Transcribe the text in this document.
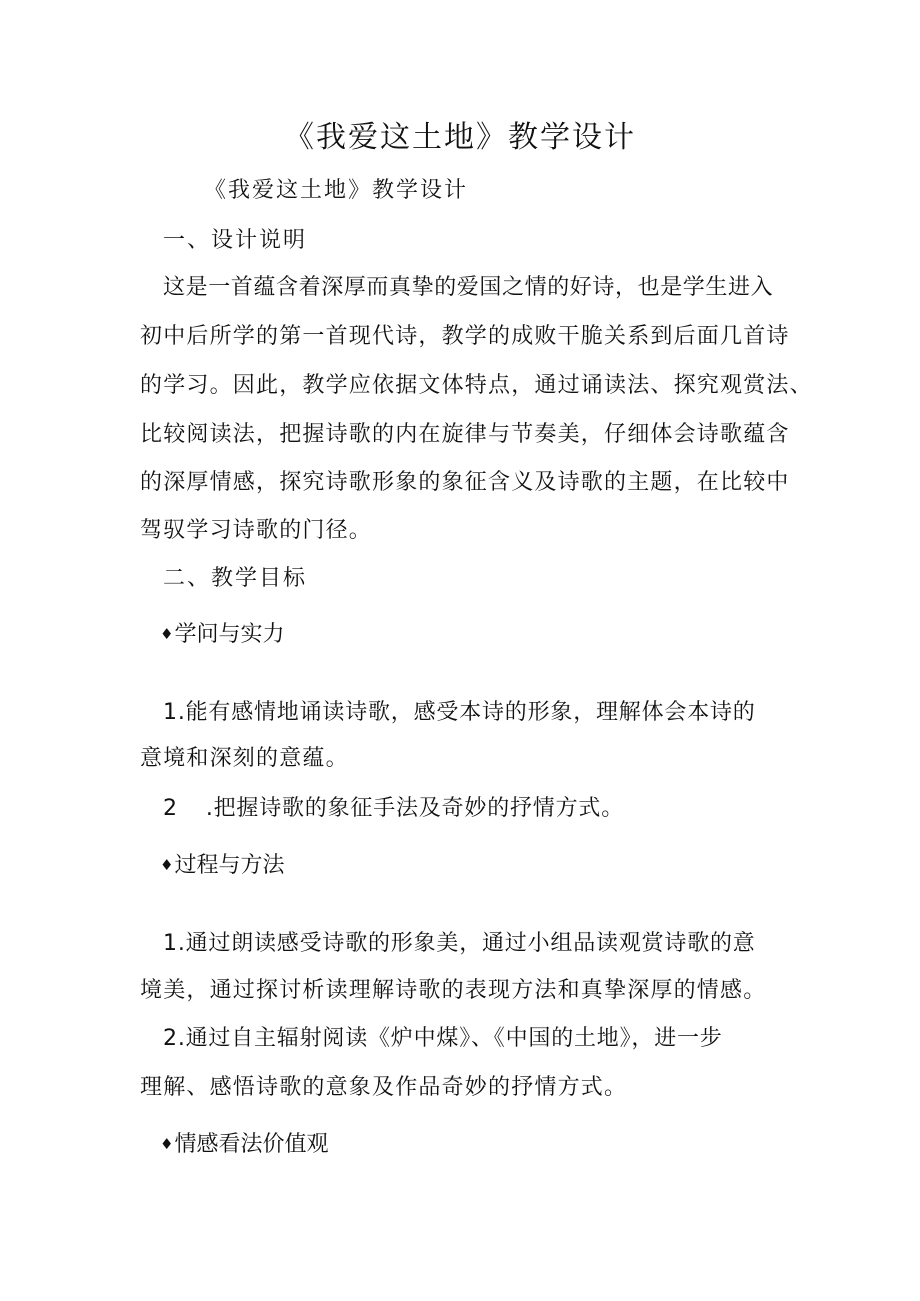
《我爱这土地》教学设计

《我爱这土地》教学设计

一、设计说明

这是一首蕴含着深厚而真挚的爱国之情的好诗，也是学生进入

初中后所学的第一首现代诗，教学的成败干脆关系到后面几首诗

的学习。因此，教学应依据文体特点，通过诵读法、探究观赏法、

比较阅读法，把握诗歌的内在旋律与节奏美，仔细体会诗歌蕴含

的深厚情感，探究诗歌形象的象征含义及诗歌的主题，在比较中

驾驭学习诗歌的门径。

二、教学目标

♦学问与实力

1.能有感情地诵读诗歌，感受本诗的形象，理解体会本诗的

意境和深刻的意蕴。

2 .把握诗歌的象征手法及奇妙的抒情方式。

♦过程与方法

1.通过朗读感受诗歌的形象美，通过小组品读观赏诗歌的意

境美，通过探讨析读理解诗歌的表现方法和真挚深厚的情感。

2.通过自主辐射阅读《炉中煤》、《中国的土地》，进一步

理解、感悟诗歌的意象及作品奇妙的抒情方式。

♦情感看法价值观
